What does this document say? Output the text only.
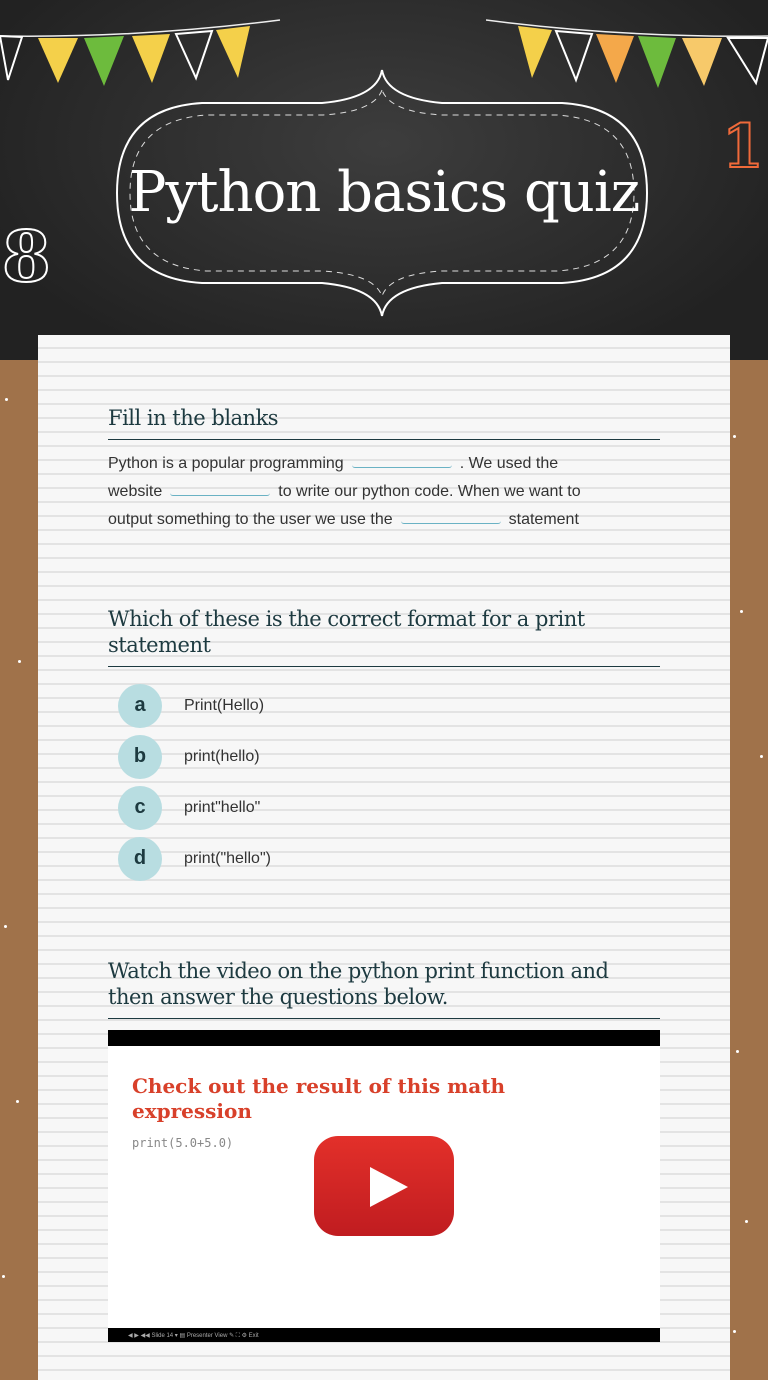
Python basics quiz
1
8
Fill in the blanks
Python is a popular programming	. We used the
website	to write our python code. When we want to
output something to the user we use the	statement
Which of these is the correct format for a print statement
a	Print(Hello)
b	print(hello)
c	print"hello"
d	print("hello")
Watch the video on the python print function and then answer the questions below.
Check out the result of this math expression
print(5.0+5.0)
◀ ▶ ◀◀ Slide 14 ▾ ▤ Presenter View ✎ ⛶ ⚙ Exit
